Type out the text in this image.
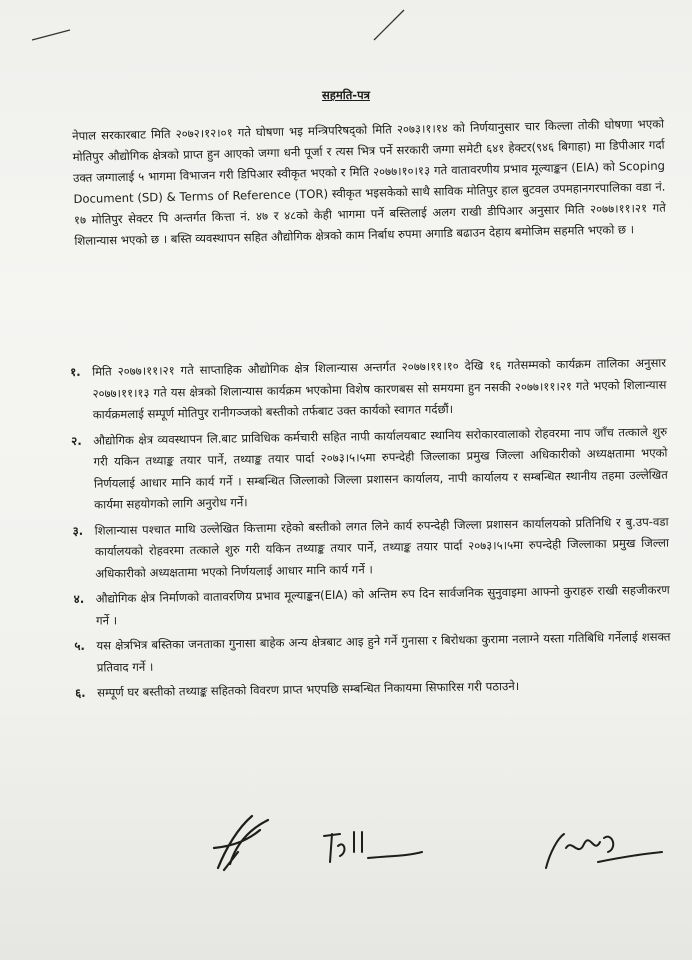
सहमति-पत्र
नेपाल सरकारबाट मिति २०७२।१२।०१ गते घोषणा भइ मन्त्रिपरिषद्‌को मिति २०७३।१।१४ को निर्णयानुसार चार किल्ला तोकी घोषणा भएको मोतिपुर औद्योगिक क्षेत्रको प्राप्त हुन आएको जग्गा धनी पूर्जा र त्यस भित्र पर्ने सरकारी जग्गा समेटी ६४१ हेक्टर(९४६ बिगाहा) मा डिपीआर गर्दा उक्त जग्गालाई ५ भागमा विभाजन गरी डिपिआर स्वीकृत भएको र मिति २०७७।१०।१३ गते वातावरणीय प्रभाव मूल्याङ्कन (EIA) को Scoping Document (SD) & Terms of Reference (TOR) स्वीकृत भइसकेको साथै साविक मोतिपुर हाल बुटवल उपमहानगरपालिका वडा नं. १७ मोतिपुर सेक्टर पि अन्तर्गत कित्ता नं. ४७ र ४८को केही भागमा पर्ने बस्तिलाई अलग राखी डीपिआर अनुसार मिति २०७७।११।२१ गते शिलान्यास भएको छ । बस्ति व्यवस्थापन सहित औद्योगिक क्षेत्रको काम निर्बाध रुपमा अगाडि बढाउन देहाय बमोजिम सहमति भएको छ ।
१. मिति २०७७।११।२१ गते साप्ताहिक औद्योगिक क्षेत्र शिलान्यास अन्तर्गत २०७७।११।१० देखि १६ गतेसम्मको कार्यक्रम तालिका अनुसार २०७७।११।१३ गते यस क्षेत्रको शिलान्यास कार्यक्रम भएकोमा विशेष कारणबस सो समयमा हुन नसकी २०७७।११।२१ गते भएको शिलान्यास कार्यक्रमलाई सम्पूर्ण मोतिपुर रानीगञ्जको बस्तीको तर्फबाट उक्त कार्यको स्वागत गर्दछौं।
२. औद्योगिक क्षेत्र व्यवस्थापन लि.बाट प्राविधिक कर्मचारी सहित नापी कार्यालयबाट स्थानिय सरोकारवालाको रोहवरमा नाप जाँच तत्काले शुरु गरी यकिन तथ्याङ्क तयार पार्ने, तथ्याङ्क तयार पार्दा २०७३।५।५मा रुपन्देही जिल्लाका प्रमुख जिल्ला अधिकारीको अध्यक्षतामा भएको निर्णयलाई आधार मानि कार्य गर्ने । सम्बन्धित जिल्लाको जिल्ला प्रशासन कार्यालय, नापी कार्यालय र सम्बन्धित स्थानीय तहमा उल्लेखित कार्यमा सहयोगको लागि अनुरोध गर्ने।
३. शिलान्यास पश्चात माथि उल्लेखित कित्तामा रहेको बस्तीको लगत लिने कार्य रुपन्देही जिल्ला प्रशासन कार्यालयको प्रतिनिधि र बु.उप-वडा कार्यालयको रोहवरमा तत्काले शुरु गरी यकिन तथ्याङ्क तयार पार्ने, तथ्याङ्क तयार पार्दा २०७३।५।५मा रुपन्देही जिल्लाका प्रमुख जिल्ला अधिकारीको अध्यक्षतामा भएको निर्णयलाई आधार मानि कार्य गर्ने ।
४. औद्योगिक क्षेत्र निर्माणको वातावरणिय प्रभाव मूल्याङ्कन(EIA) को अन्तिम रुप दिन सार्वजनिक सुनुवाइमा आफ्नो कुराहरु राखी सहजीकरण गर्ने ।
५. यस क्षेत्रभित्र बस्तिका जनताका गुनासा बाहेक अन्य क्षेत्रबाट आइ हुने गर्ने गुनासा र बिरोधका कुरामा नलाग्ने यस्ता गतिबिधि गर्नेलाई शसक्त प्रतिवाद गर्ने ।
६. सम्पूर्ण घर बस्तीको तथ्याङ्क सहितको विवरण प्राप्त भएपछि सम्बन्धित निकायमा सिफारिस गरी पठाउने।
